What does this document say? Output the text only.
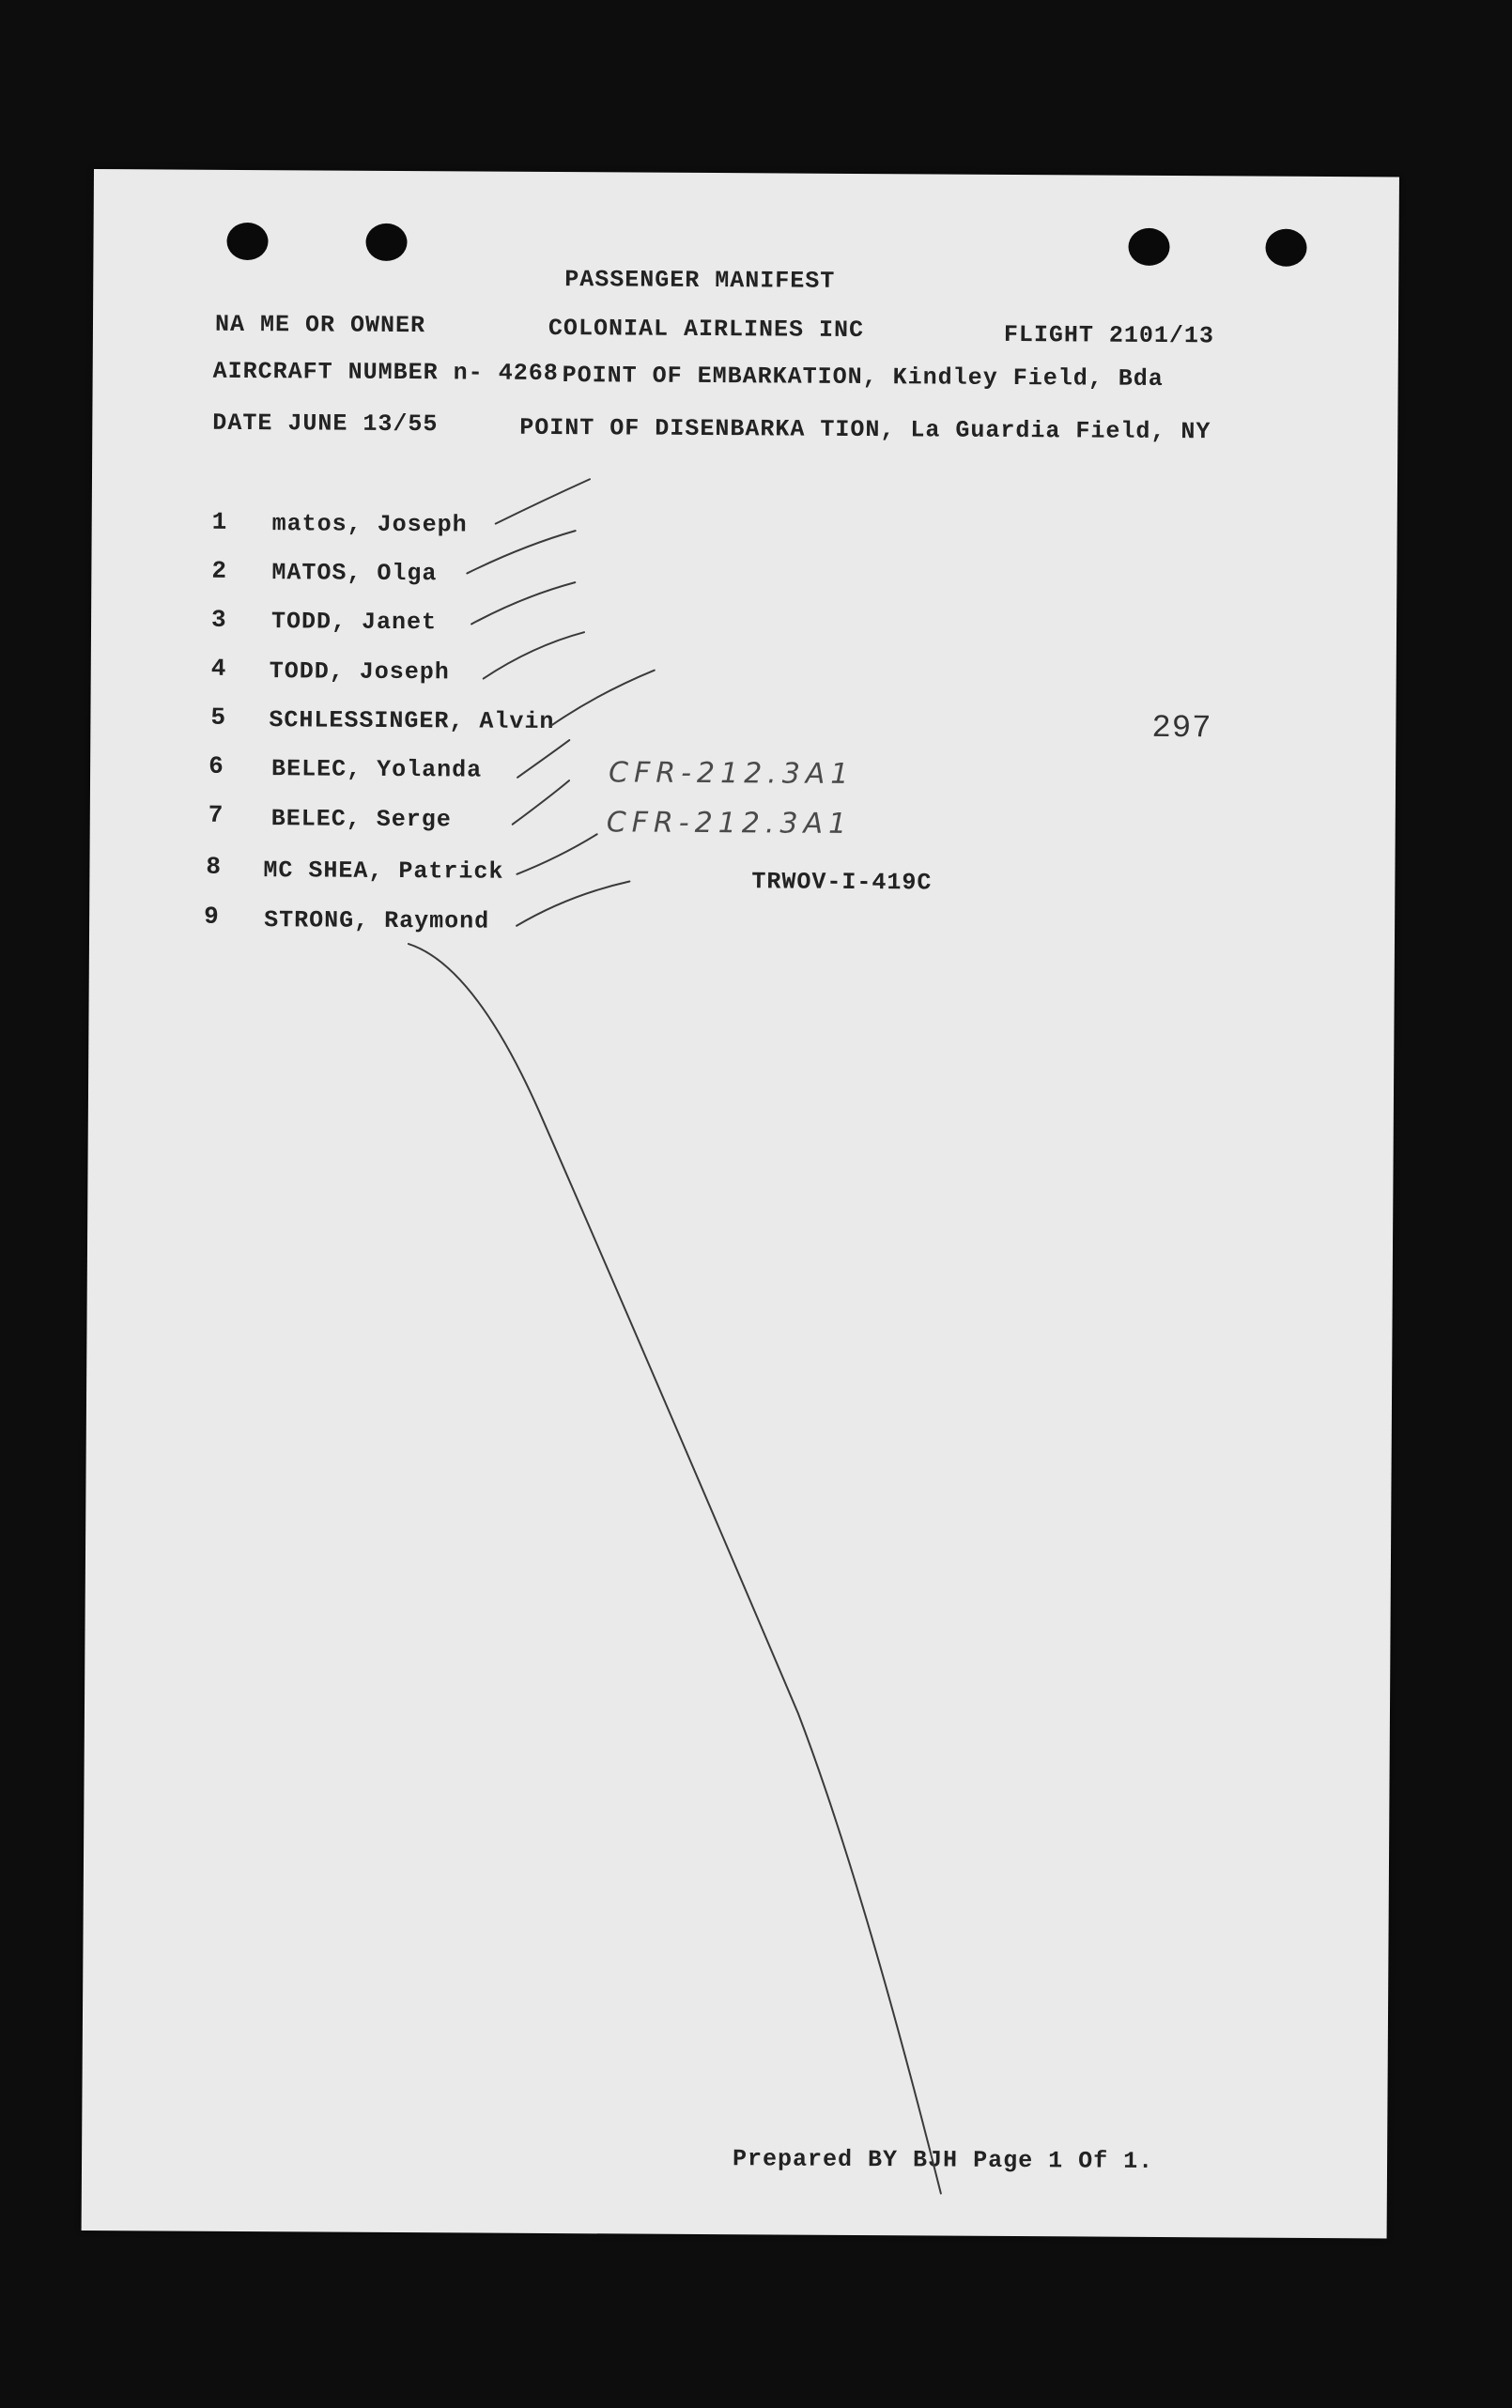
PASSENGER MANIFEST
NA ME OR OWNER	COLONIAL AIRLINES INC	FLIGHT 2101/13
AIRCRAFT NUMBER n- 4268 POINT OF EMBARKATION, Kindley Field, Bda
DATE JUNE 13/55	POINT OF DISENBARKA TION, La Guardia Field, NY
1 matos, Joseph
2 MATOS, Olga
3 TODD, Janet
4 TODD, Joseph
5 SCHLESSINGER, Alvin
6 BELEC, Yolanda
7 BELEC, Serge
8 MC SHEA, Patrick
9 STRONG, Raymond
297
CFR-212.3A1
CFR-212.3A1
TRWOV-I-419C
Prepared BY BJH Page 1 Of 1.
